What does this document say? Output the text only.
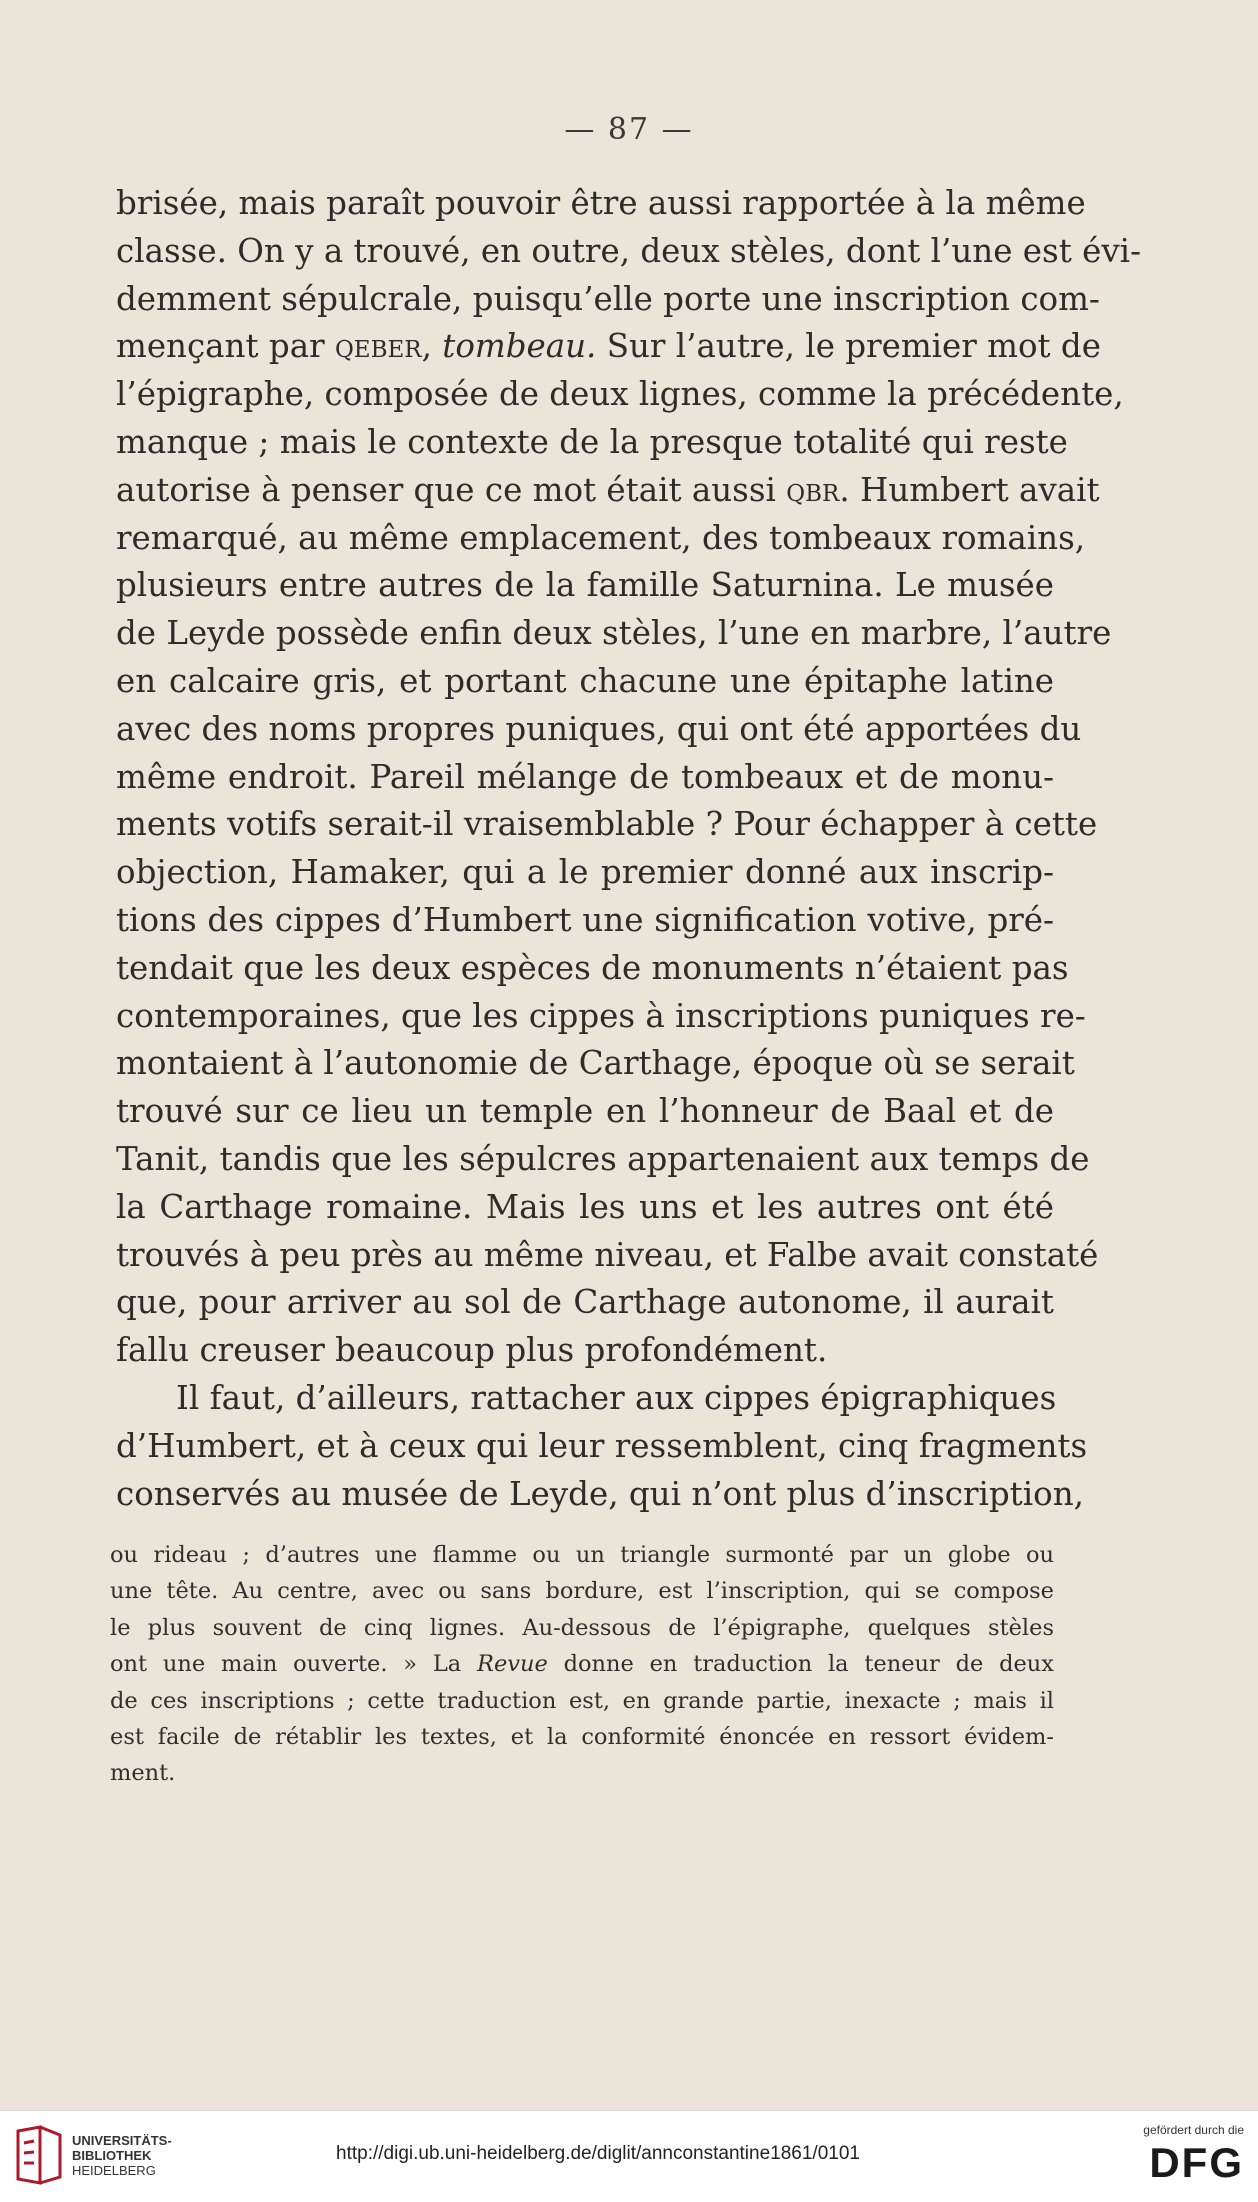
— 87 —
brisée, mais paraît pouvoir être aussi rapportée à la même
classe. On y a trouvé, en outre, deux stèles, dont l’une est évi-
demment sépulcrale, puisqu’elle porte une inscription com-
mençant par qeber, tombeau. Sur l’autre, le premier mot de
l’épigraphe, composée de deux lignes, comme la précédente,
manque ; mais le contexte de la presque totalité qui reste
autorise à penser que ce mot était aussi qbr. Humbert avait
remarqué, au même emplacement, des tombeaux romains,
plusieurs entre autres de la famille Saturnina. Le musée
de Leyde possède enfin deux stèles, l’une en marbre, l’autre
en calcaire gris, et portant chacune une épitaphe latine
avec des noms propres puniques, qui ont été apportées du
même endroit. Pareil mélange de tombeaux et de monu-
ments votifs serait-il vraisemblable ? Pour échapper à cette
objection, Hamaker, qui a le premier donné aux inscrip-
tions des cippes d’Humbert une signification votive, pré-
tendait que les deux espèces de monuments n’étaient pas
contemporaines, que les cippes à inscriptions puniques re-
montaient à l’autonomie de Carthage, époque où se serait
trouvé sur ce lieu un temple en l’honneur de Baal et de
Tanit, tandis que les sépulcres appartenaient aux temps de
la Carthage romaine. Mais les uns et les autres ont été
trouvés à peu près au même niveau, et Falbe avait constaté
que, pour arriver au sol de Carthage autonome, il aurait
fallu creuser beaucoup plus profondément.
Il faut, d’ailleurs, rattacher aux cippes épigraphiques
d’Humbert, et à ceux qui leur ressemblent, cinq fragments
conservés au musée de Leyde, qui n’ont plus d’inscription,
ou rideau ; d’autres une flamme ou un triangle surmonté par un globe ou
une tête. Au centre, avec ou sans bordure, est l’inscription, qui se compose
le plus souvent de cinq lignes. Au-dessous de l’épigraphe, quelques stèles
ont une main ouverte. » La Revue donne en traduction la teneur de deux
de ces inscriptions ; cette traduction est, en grande partie, inexacte ; mais il
est facile de rétablir les textes, et la conformité énoncée en ressort évidem-
ment.
UNIVERSITÄTS-
BIBLIOTHEK
HEIDELBERG
http://digi.ub.uni-heidelberg.de/diglit/annconstantine1861/0101
gefördert durch die
DFG
